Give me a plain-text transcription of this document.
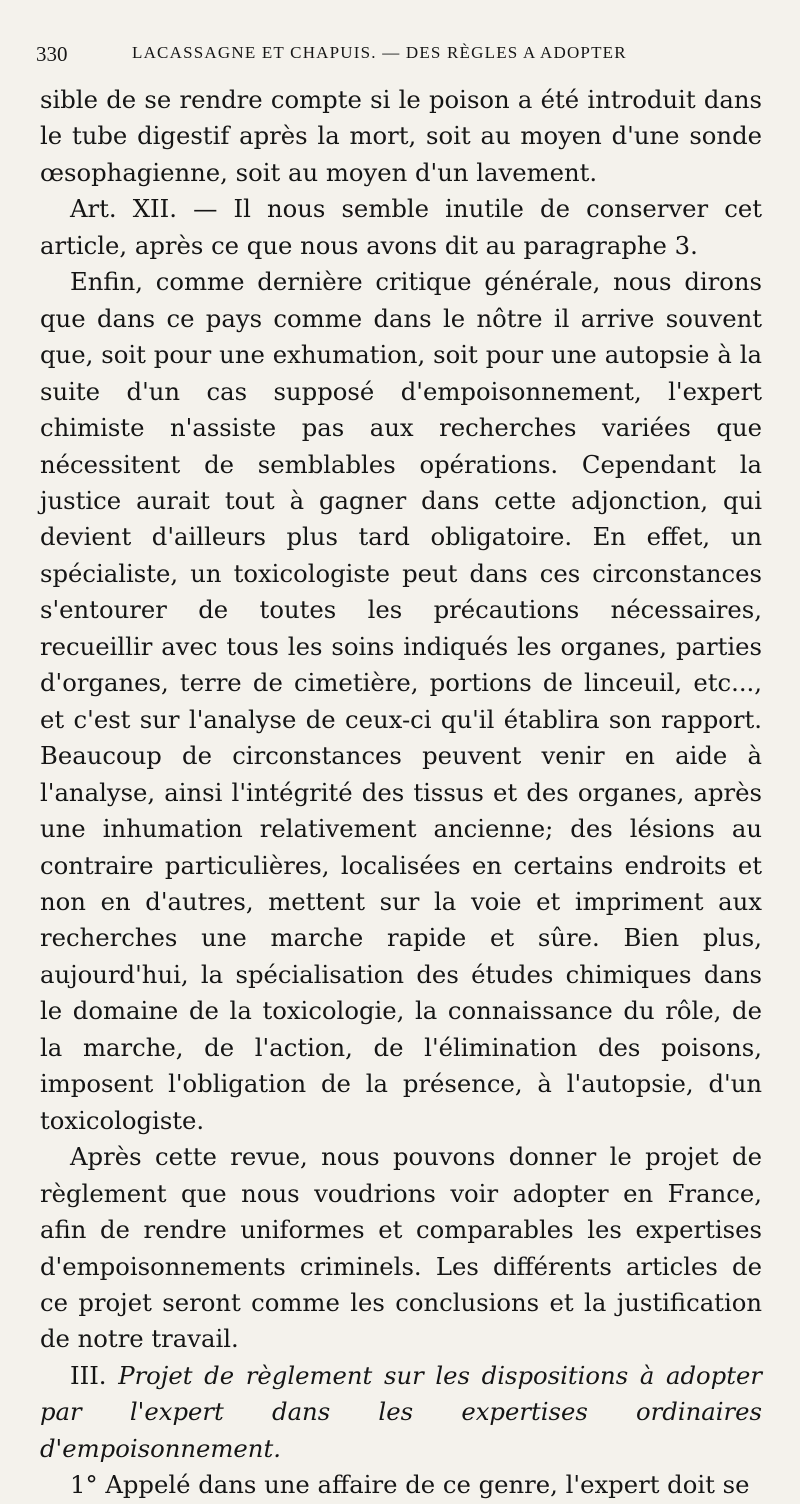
330	LACASSAGNE ET CHAPUIS. — DES RÈGLES A ADOPTER

sible de se rendre compte si le poison a été introduit dans le tube digestif après la mort, soit au moyen d'une sonde œsophagienne, soit au moyen d'un lavement.

Art. XII. — Il nous semble inutile de conserver cet article, après ce que nous avons dit au paragraphe 3.

Enfin, comme dernière critique générale, nous dirons que dans ce pays comme dans le nôtre il arrive souvent que, soit pour une exhumation, soit pour une autopsie à la suite d'un cas supposé d'empoisonnement, l'expert chimiste n'assiste pas aux recherches variées que nécessitent de semblables opérations. Cependant la justice aurait tout à gagner dans cette adjonction, qui devient d'ailleurs plus tard obligatoire. En effet, un spécialiste, un toxicologiste peut dans ces circonstances s'entourer de toutes les précautions nécessaires, recueillir avec tous les soins indiqués les organes, parties d'organes, terre de cimetière, portions de linceuil, etc..., et c'est sur l'analyse de ceux-ci qu'il établira son rapport. Beaucoup de circonstances peuvent venir en aide à l'analyse, ainsi l'intégrité des tissus et des organes, après une inhumation relativement ancienne; des lésions au contraire particulières, localisées en certains endroits et non en d'autres, mettent sur la voie et impriment aux recherches une marche rapide et sûre. Bien plus, aujourd'hui, la spécialisation des études chimiques dans le domaine de la toxicologie, la connaissance du rôle, de la marche, de l'action, de l'élimination des poisons, imposent l'obligation de la présence, à l'autopsie, d'un toxicologiste.

Après cette revue, nous pouvons donner le projet de règlement que nous voudrions voir adopter en France, afin de rendre uniformes et comparables les expertises d'empoisonnements criminels. Les différents articles de ce projet seront comme les conclusions et la justification de notre travail.

III. Projet de règlement sur les dispositions à adopter par l'expert dans les expertises ordinaires d'empoisonnement.

1° Appelé dans une affaire de ce genre, l'expert doit se
